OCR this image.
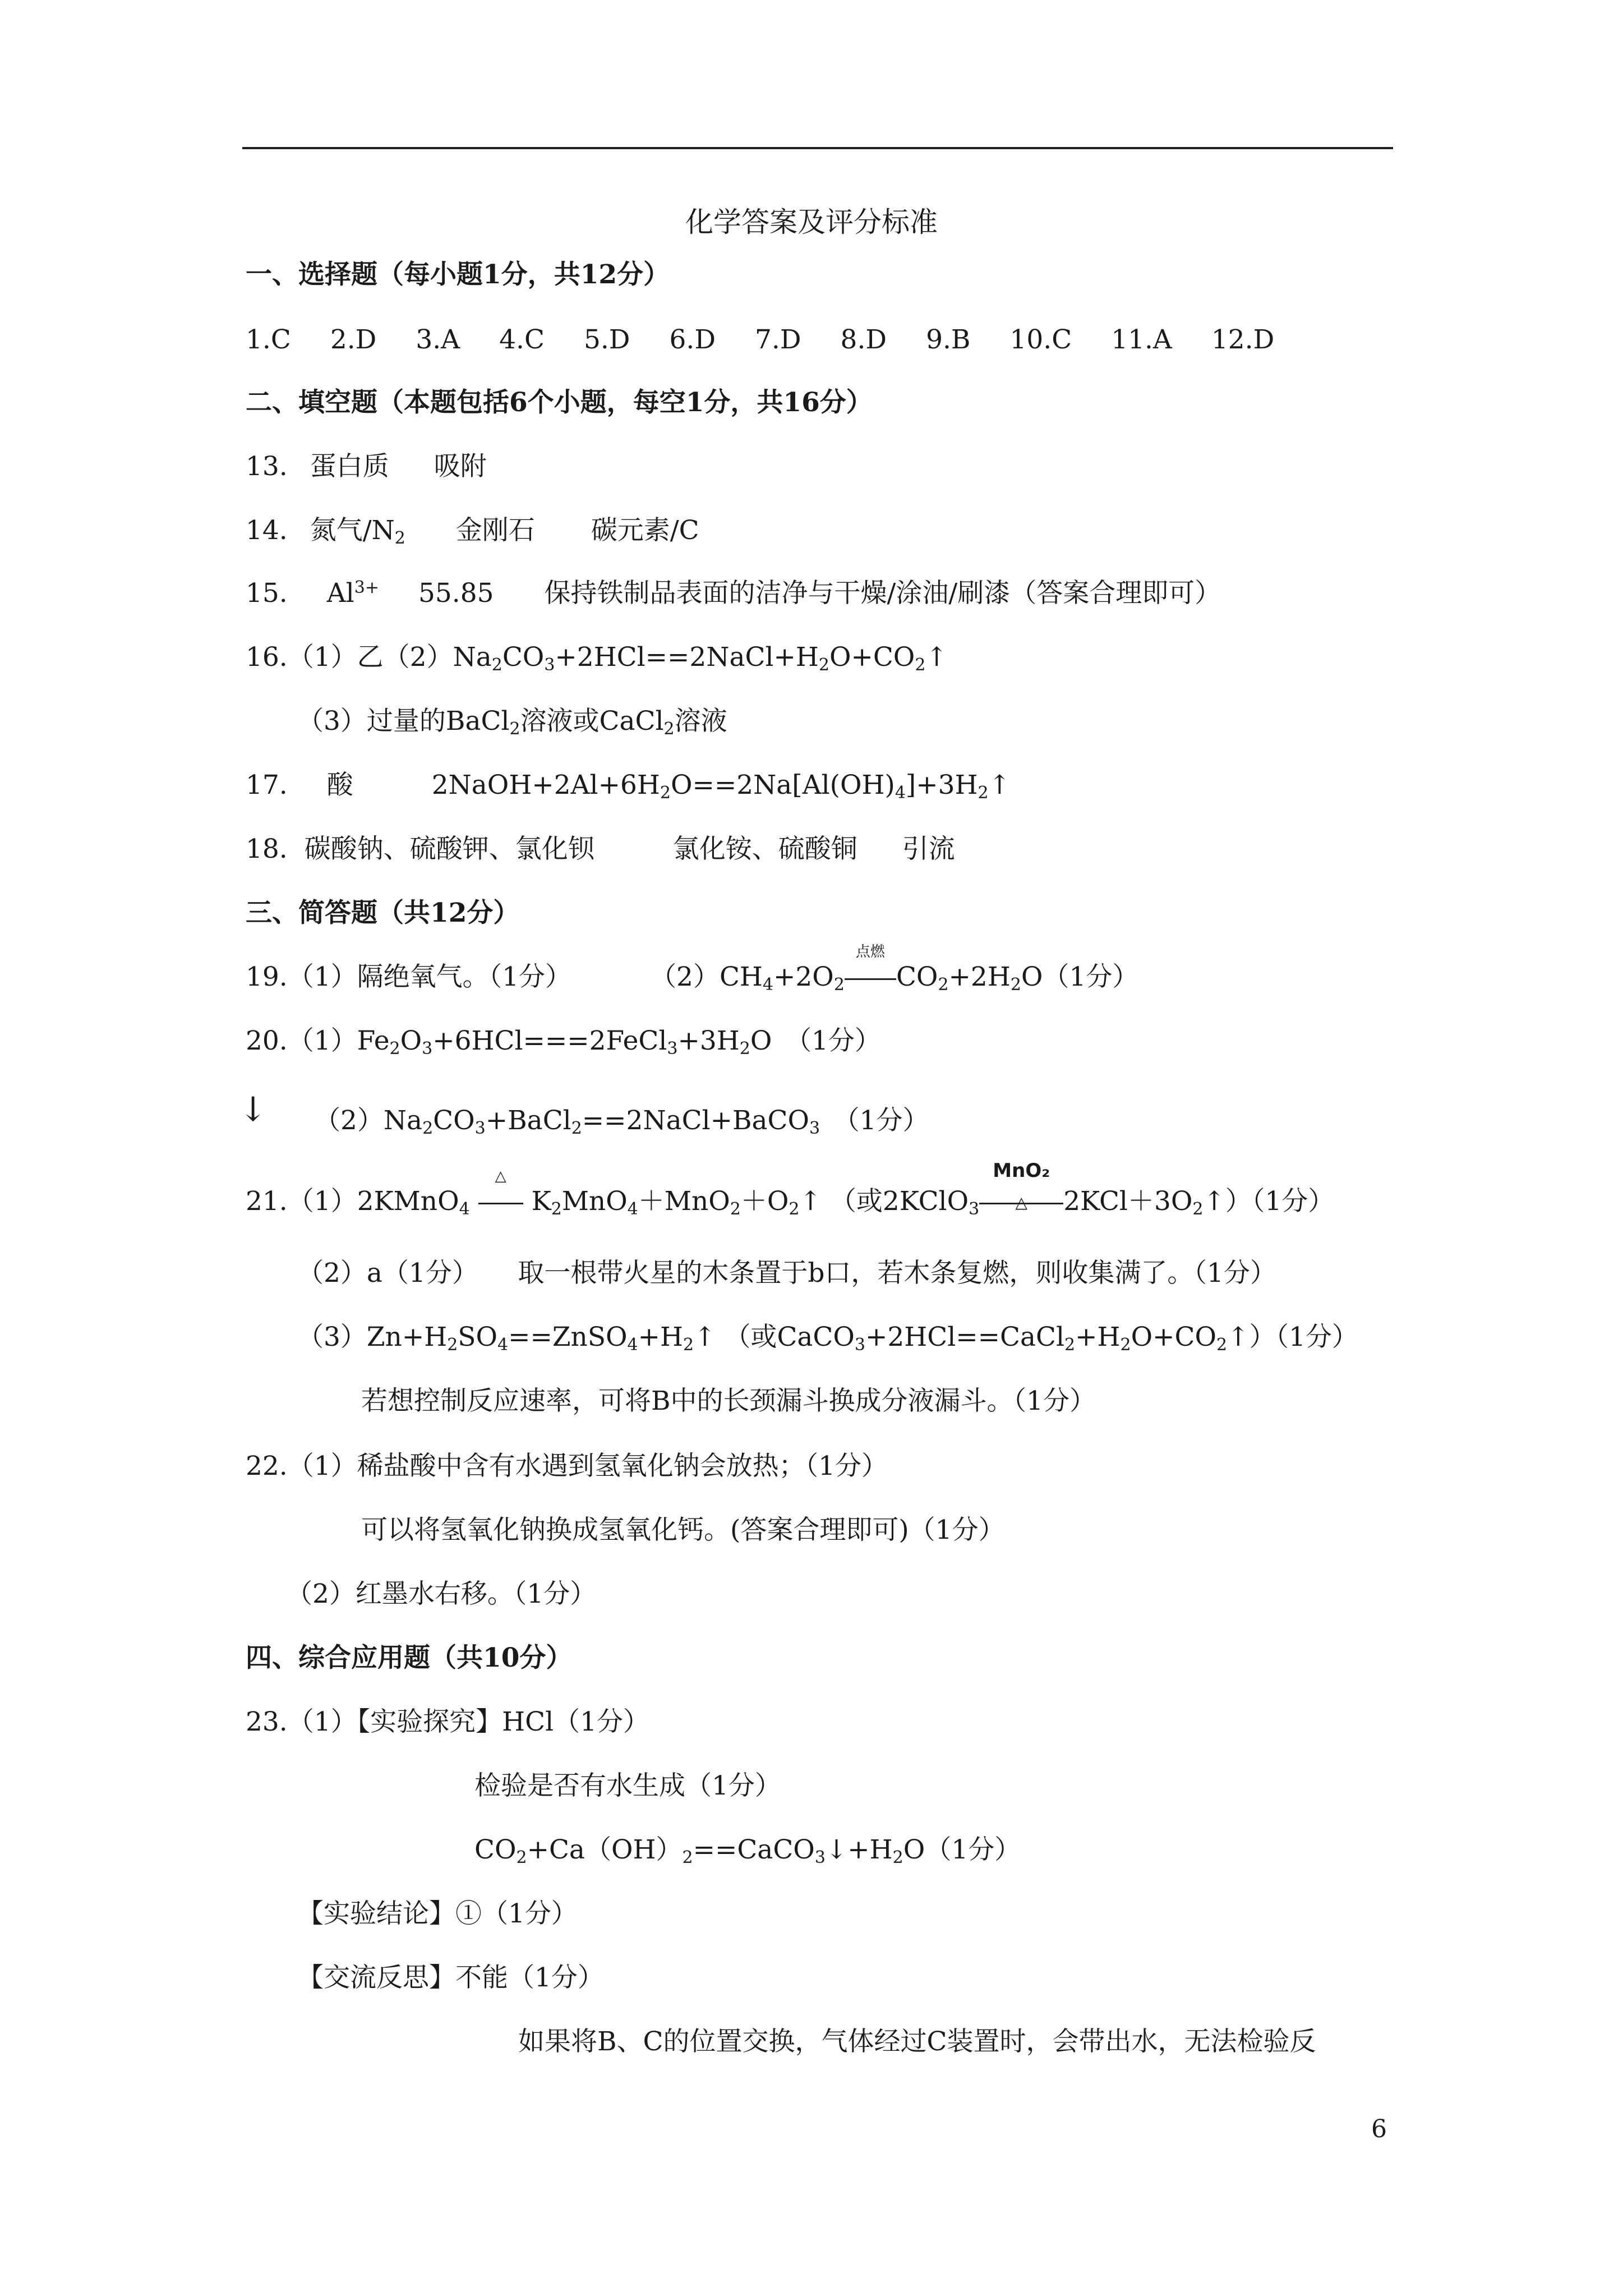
化学答案及评分标准
一、选择题（每小题1分，共12分）
1.C 2.D 3.A 4.C 5.D 6.D 7.D 8.D 9.B 10.C 11.A 12.D
二、填空题（本题包括6个小题，每空1分，共16分）
13. 蛋白质 吸附
14. 氮气$/N_2$ 金刚石 碳元素/C
15. $Al^{3+}$ 55.85 保持铁制品表面的洁净与干燥/涂油/刷漆（答案合理即可）
16.（1）乙$(2)Na_2CO_3+2HCl==2NaCl+H_2O+CO_2↑$
（3）过量的BaCl$_2$溶液或CaCl$_2$溶液
17. 酸	$2NaOH+2Al+6H_2O==2Na[Al(OH)_4]+3H_2↑$
18. 碳酸钠、硫酸钾、氯化钡	氯化铵、硫酸铜 引流
三、简答题（共12分）
19.（1）隔绝氧气。（1分）	$(2)CH_4+2O_2$
点燃
$CO_2+2H_2O(1$分）
$20.(1)Fe_2O_3+6HCl===2FeCl_3+3H_2O$　（1分）
↓ $(2)Na_2CO_3+BaCl_2==2NaCl+BaCO_3$　 （1分）
21.（1）2KMnO$_4$
△
$K_2MnO_4+MnO_2+O_2↑$ （或2KClO$_3$
MnO₂
△	$2KCl+3O_2↑)(1$分）
（2）a（1分）　　取一根带火星的木条置于b口，若木条复燃，则收集满了。（1分）
$(3)Zn+H_2SO_4==ZnSO_4+H_2↑$ （或$CaCO_3+2HCl==CaCl_2+H_2O+CO_2↑)(1$分）
若想控制反应速率，可将B中的长颈漏斗换成分液漏斗。（1分）
22.（1）稀盐酸中含有水遇到氢氧化钠会放热；（1分）
可以将氢氧化钠换成氢氧化钙。(答案合理即可)（1分）
（2）红墨水右移。（1分）
四、综合应用题（共10分）
23.（1）【实验探究】HCl（1分）
检验是否有水生成（1分）
$CO_2+Ca(OH)_2==CaCO_3↓+H_2O(1$分）
【实验结论】①（1分）
【交流反思】不能（1分）
如果将B、C的位置交换，气体经过C装置时，会带出水，无法检验反
6
